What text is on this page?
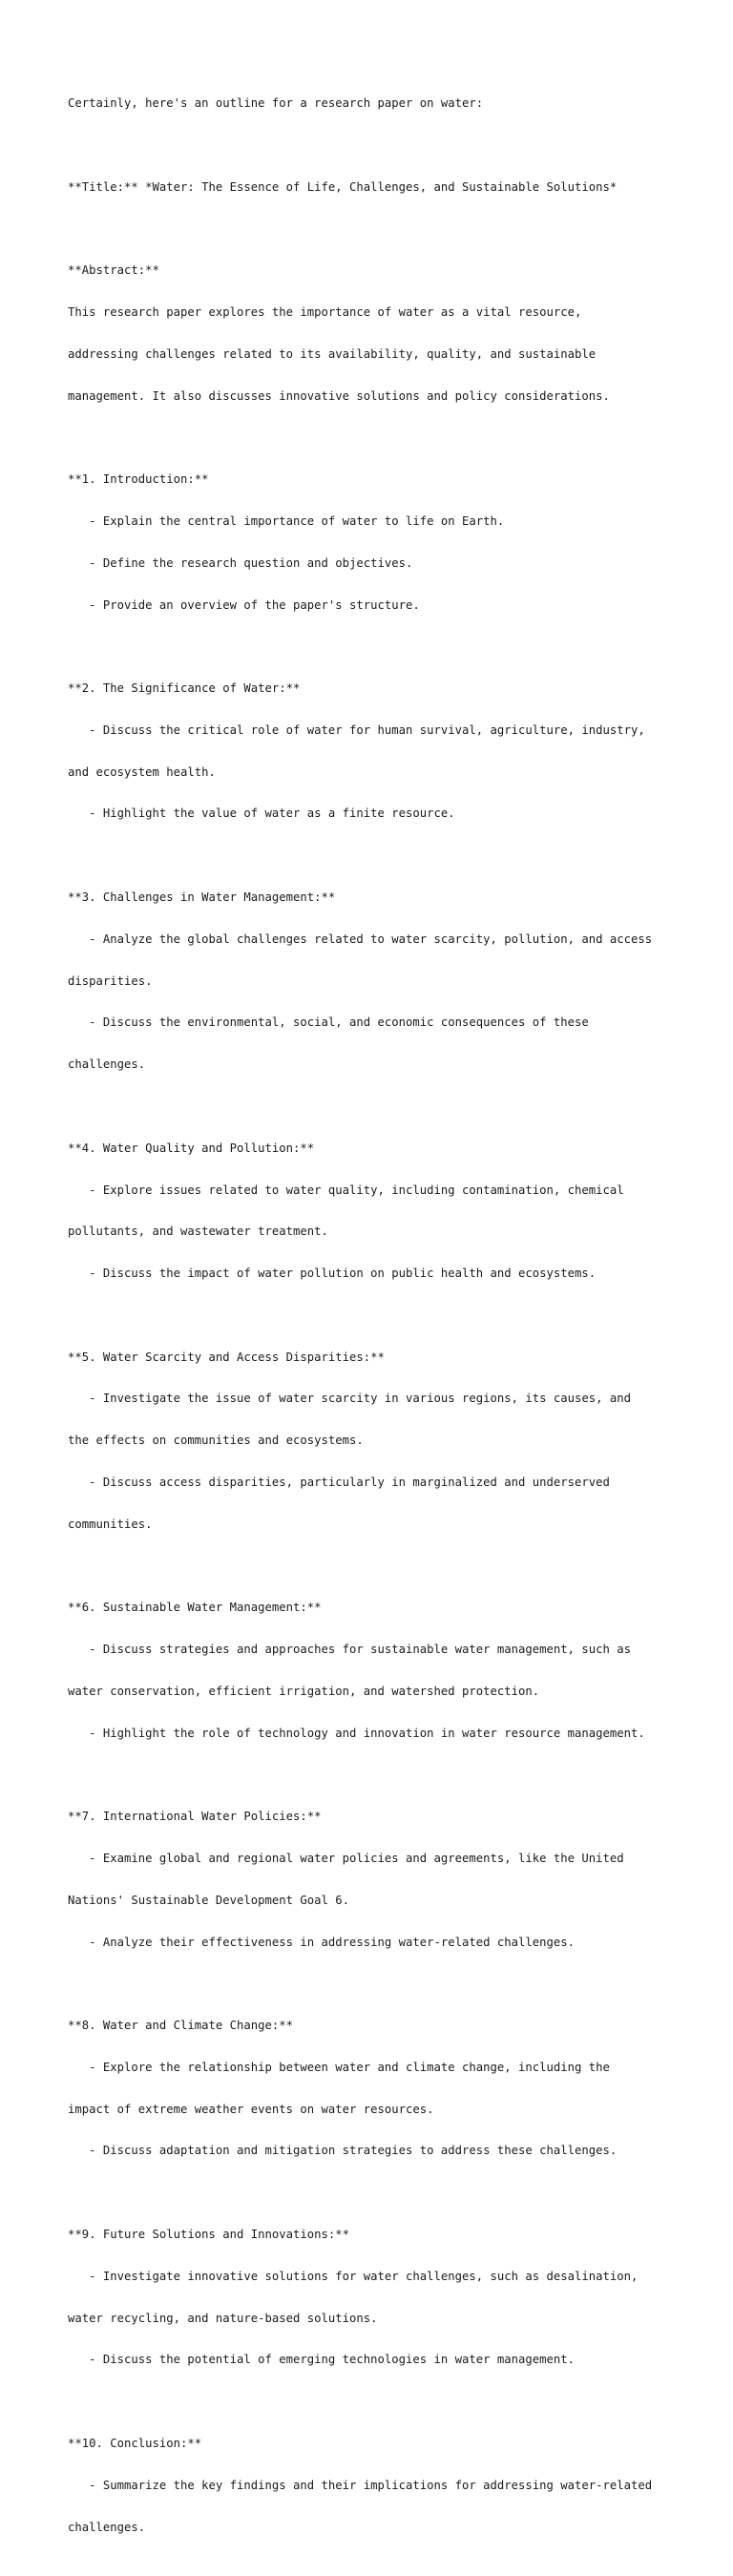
Certainly, here's an outline for a research paper on water:

**Title:** *Water: The Essence of Life, Challenges, and Sustainable Solutions*

**Abstract:**

This research paper explores the importance of water as a vital resource,

addressing challenges related to its availability, quality, and sustainable

management. It also discusses innovative solutions and policy considerations.

**1. Introduction:**

- Explain the central importance of water to life on Earth.

- Define the research question and objectives.

- Provide an overview of the paper's structure.

**2. The Significance of Water:**

- Discuss the critical role of water for human survival, agriculture, industry,

and ecosystem health.

- Highlight the value of water as a finite resource.

**3. Challenges in Water Management:**

- Analyze the global challenges related to water scarcity, pollution, and access

disparities.

- Discuss the environmental, social, and economic consequences of these

challenges.

**4. Water Quality and Pollution:**

- Explore issues related to water quality, including contamination, chemical

pollutants, and wastewater treatment.

- Discuss the impact of water pollution on public health and ecosystems.

**5. Water Scarcity and Access Disparities:**

- Investigate the issue of water scarcity in various regions, its causes, and

the effects on communities and ecosystems.

- Discuss access disparities, particularly in marginalized and underserved

communities.

**6. Sustainable Water Management:**

- Discuss strategies and approaches for sustainable water management, such as

water conservation, efficient irrigation, and watershed protection.

- Highlight the role of technology and innovation in water resource management.

**7. International Water Policies:**

- Examine global and regional water policies and agreements, like the United

Nations' Sustainable Development Goal 6.

- Analyze their effectiveness in addressing water-related challenges.

**8. Water and Climate Change:**

- Explore the relationship between water and climate change, including the

impact of extreme weather events on water resources.

- Discuss adaptation and mitigation strategies to address these challenges.

**9. Future Solutions and Innovations:**

- Investigate innovative solutions for water challenges, such as desalination,

water recycling, and nature-based solutions.

- Discuss the potential of emerging technologies in water management.

**10. Conclusion:**

- Summarize the key findings and their implications for addressing water-related

challenges.
